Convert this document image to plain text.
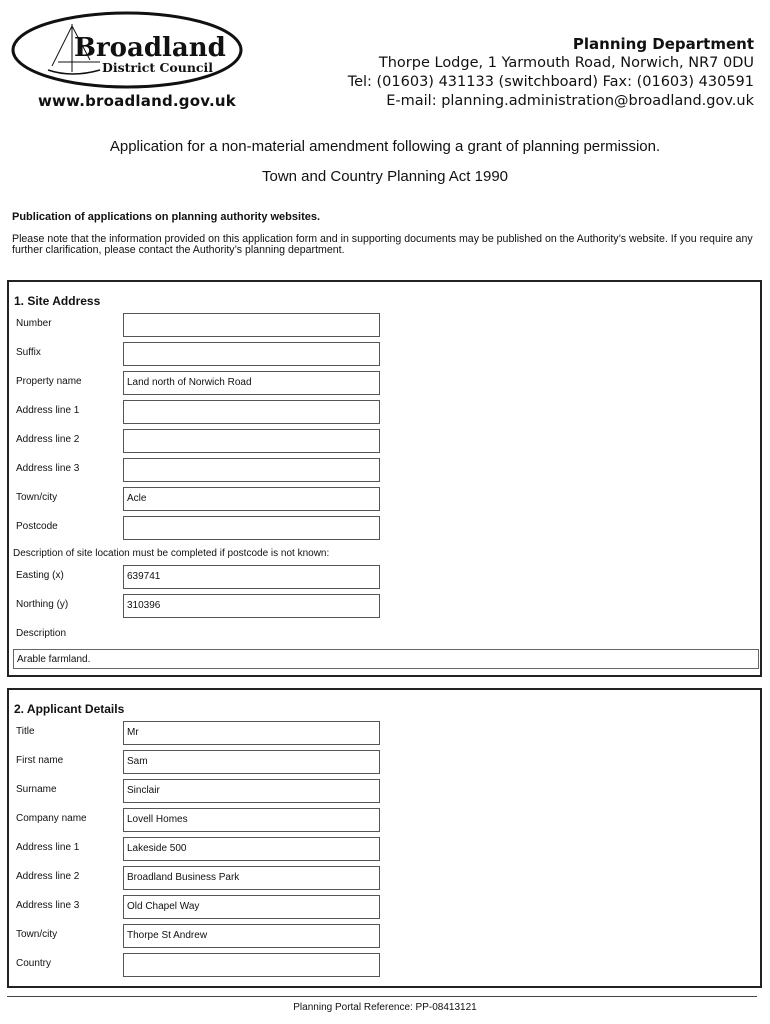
Broadland
District Council
www.broadland.gov.uk
Planning Department
Thorpe Lodge, 1 Yarmouth Road, Norwich, NR7 0DU
Tel: (01603) 431133 (switchboard) Fax: (01603) 430591
E-mail: planning.administration@broadland.gov.uk
Application for a non-material amendment following a grant of planning permission.
Town and Country Planning Act 1990
Publication of applications on planning authority websites.
Please note that the information provided on this application form and in supporting documents may be published on the Authority’s website. If you require any further clarification, please contact the Authority’s planning department.
1. Site Address
Number
Suffix
Property name	Land north of Norwich Road
Address line 1
Address line 2
Address line 3
Town/city	Acle
Postcode
Description of site location must be completed if postcode is not known:
Easting (x)	639741
Northing (y)	310396
Description
Arable farmland.
2. Applicant Details
Title	Mr
First name	Sam
Surname	Sinclair
Company name	Lovell Homes
Address line 1	Lakeside 500
Address line 2	Broadland Business Park
Address line 3	Old Chapel Way
Town/city	Thorpe St Andrew
Country
Planning Portal Reference: PP-08413121
